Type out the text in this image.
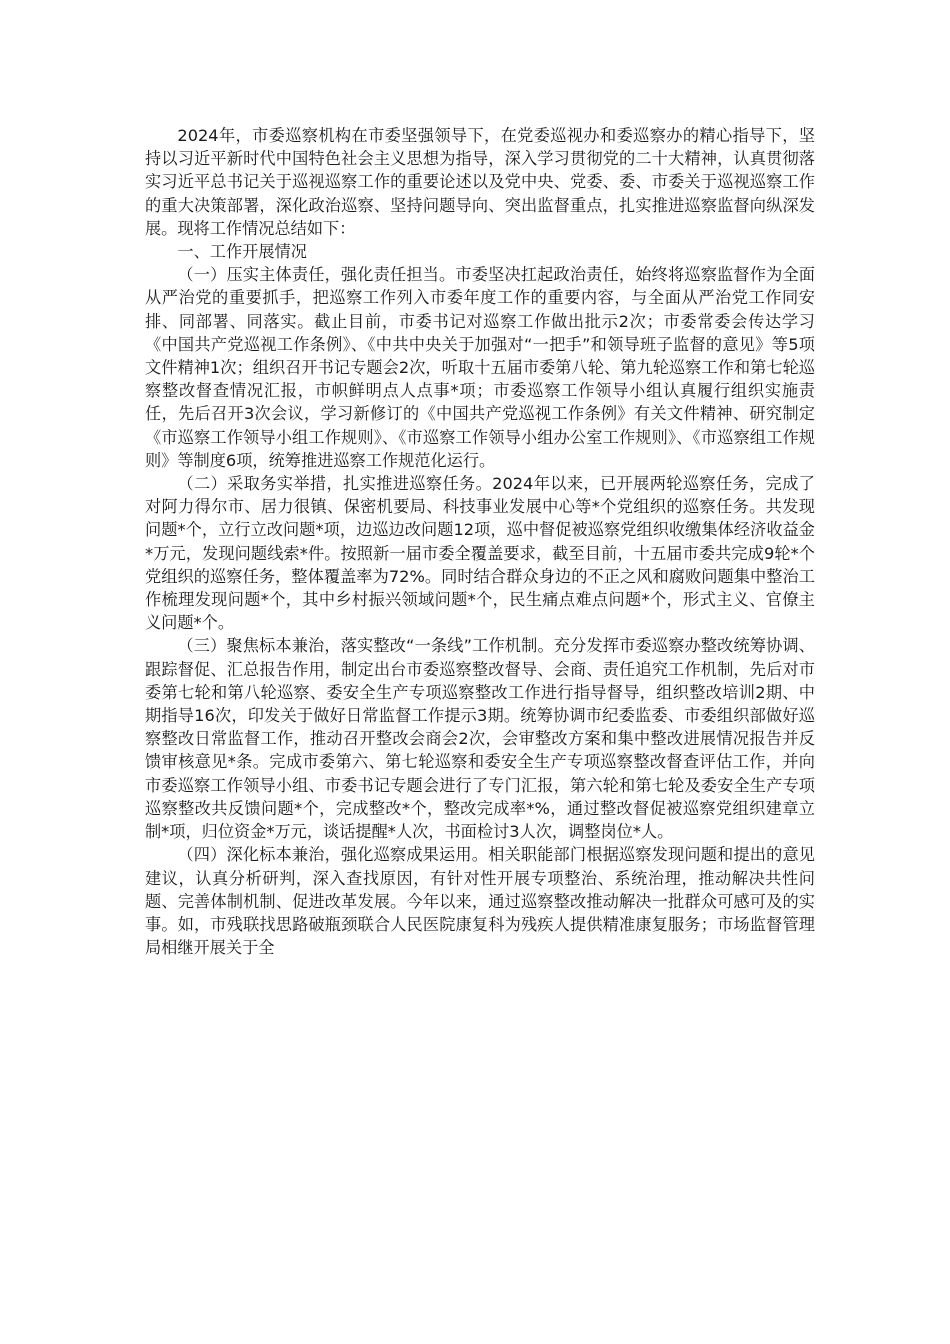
2024年，市委巡察机构在市委坚强领导下，在党委巡视办和委巡察办的精心指导下，坚持以习近平新时代中国特色社会主义思想为指导，深入学习贯彻党的二十大精神，认真贯彻落实习近平总书记关于巡视巡察工作的重要论述以及党中央、党委、委、市委关于巡视巡察工作的重大决策部署，深化政治巡察、坚持问题导向、突出监督重点，扎实推进巡察监督向纵深发展。现将工作情况总结如下：

一、工作开展情况

（一）压实主体责任，强化责任担当。市委坚决扛起政治责任，始终将巡察监督作为全面从严治党的重要抓手，把巡察工作列入市委年度工作的重要内容，与全面从严治党工作同安排、同部署、同落实。截止目前，市委书记对巡察工作做出批示2次；市委常委会传达学习《中国共产党巡视工作条例》、《中共中央关于加强对“一把手”和领导班子监督的意见》等5项文件精神1次；组织召开书记专题会2次，听取十五届市委第八轮、第九轮巡察工作和第七轮巡察整改督查情况汇报，市帜鲜明点人点事*项；市委巡察工作领导小组认真履行组织实施责任，先后召开3次会议，学习新修订的《中国共产党巡视工作条例》有关文件精神、研究制定《市巡察工作领导小组工作规则》、《市巡察工作领导小组办公室工作规则》、《市巡察组工作规则》等制度6项，统筹推进巡察工作规范化运行。

（二）采取务实举措，扎实推进巡察任务。2024年以来，已开展两轮巡察任务，完成了对阿力得尔市、居力很镇、保密机要局、科技事业发展中心等*个党组织的巡察任务。共发现问题*个，立行立改问题*项，边巡边改问题12项，巡中督促被巡察党组织收缴集体经济收益金*万元，发现问题线索*件。按照新一届市委全覆盖要求，截至目前，十五届市委共完成9轮*个党组织的巡察任务，整体覆盖率为72%。同时结合群众身边的不正之风和腐败问题集中整治工作梳理发现问题*个，其中乡村振兴领域问题*个，民生痛点难点问题*个，形式主义、官僚主义问题*个。

（三）聚焦标本兼治，落实整改“一条线”工作机制。充分发挥市委巡察办整改统筹协调、跟踪督促、汇总报告作用，制定出台市委巡察整改督导、会商、责任追究工作机制，先后对市委第七轮和第八轮巡察、委安全生产专项巡察整改工作进行指导督导，组织整改培训2期、中期指导16次，印发关于做好日常监督工作提示3期。统筹协调市纪委监委、市委组织部做好巡察整改日常监督工作，推动召开整改会商会2次，会审整改方案和集中整改进展情况报告并反馈审核意见*条。完成市委第六、第七轮巡察和委安全生产专项巡察整改督查评估工作，并向市委巡察工作领导小组、市委书记专题会进行了专门汇报，第六轮和第七轮及委安全生产专项巡察整改共反馈问题*个，完成整改*个，整改完成率*%，通过整改督促被巡察党组织建章立制*项，归位资金*万元，谈话提醒*人次，书面检讨3人次，调整岗位*人。

（四）深化标本兼治，强化巡察成果运用。相关职能部门根据巡察发现问题和提出的意见建议，认真分析研判，深入查找原因，有针对性开展专项整治、系统治理，推动解决共性问题、完善体制机制、促进改革发展。今年以来，通过巡察整改推动解决一批群众可感可及的实事。如，市残联找思路破瓶颈联合人民医院康复科为残疾人提供精准康复服务；市场监督管理局相继开展关于全
